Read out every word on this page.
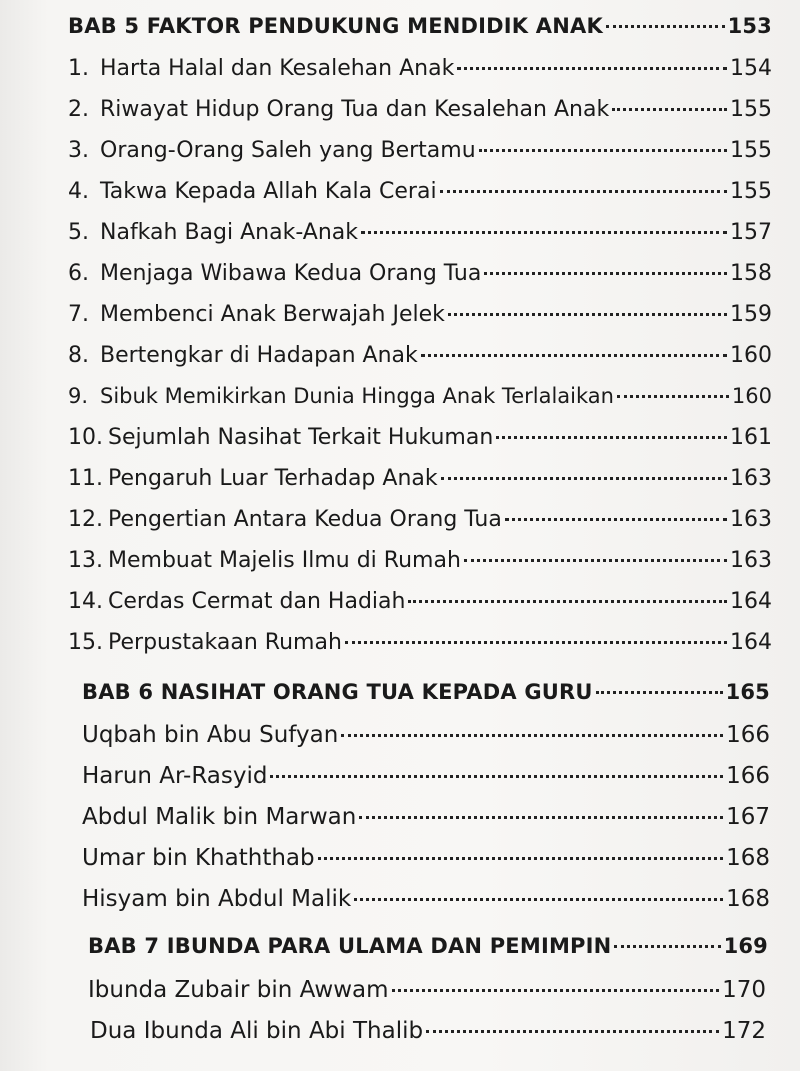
BAB 5 FAKTOR PENDUKUNG MENDIDIK ANAK	153
1. Harta Halal dan Kesalehan Anak	154
2. Riwayat Hidup Orang Tua dan Kesalehan Anak	155
3. Orang-Orang Saleh yang Bertamu	155
4. Takwa Kepada Allah Kala Cerai	155
5. Nafkah Bagi Anak-Anak	157
6. Menjaga Wibawa Kedua Orang Tua	158
7. Membenci Anak Berwajah Jelek	159
8. Bertengkar di Hadapan Anak	160
9. Sibuk Memikirkan Dunia Hingga Anak Terlalaikan	160
10. Sejumlah Nasihat Terkait Hukuman	161
11. Pengaruh Luar Terhadap Anak	163
12. Pengertian Antara Kedua Orang Tua	163
13. Membuat Majelis Ilmu di Rumah	163
14. Cerdas Cermat dan Hadiah	164
15. Perpustakaan Rumah	164
BAB 6 NASIHAT ORANG TUA KEPADA GURU	165
Uqbah bin Abu Sufyan	166
Harun Ar-Rasyid	166
Abdul Malik bin Marwan	167
Umar bin Khaththab	168
Hisyam bin Abdul Malik	168
BAB 7 IBUNDA PARA ULAMA DAN PEMIMPIN	169
Ibunda Zubair bin Awwam	170
Dua Ibunda Ali bin Abi Thalib	172
